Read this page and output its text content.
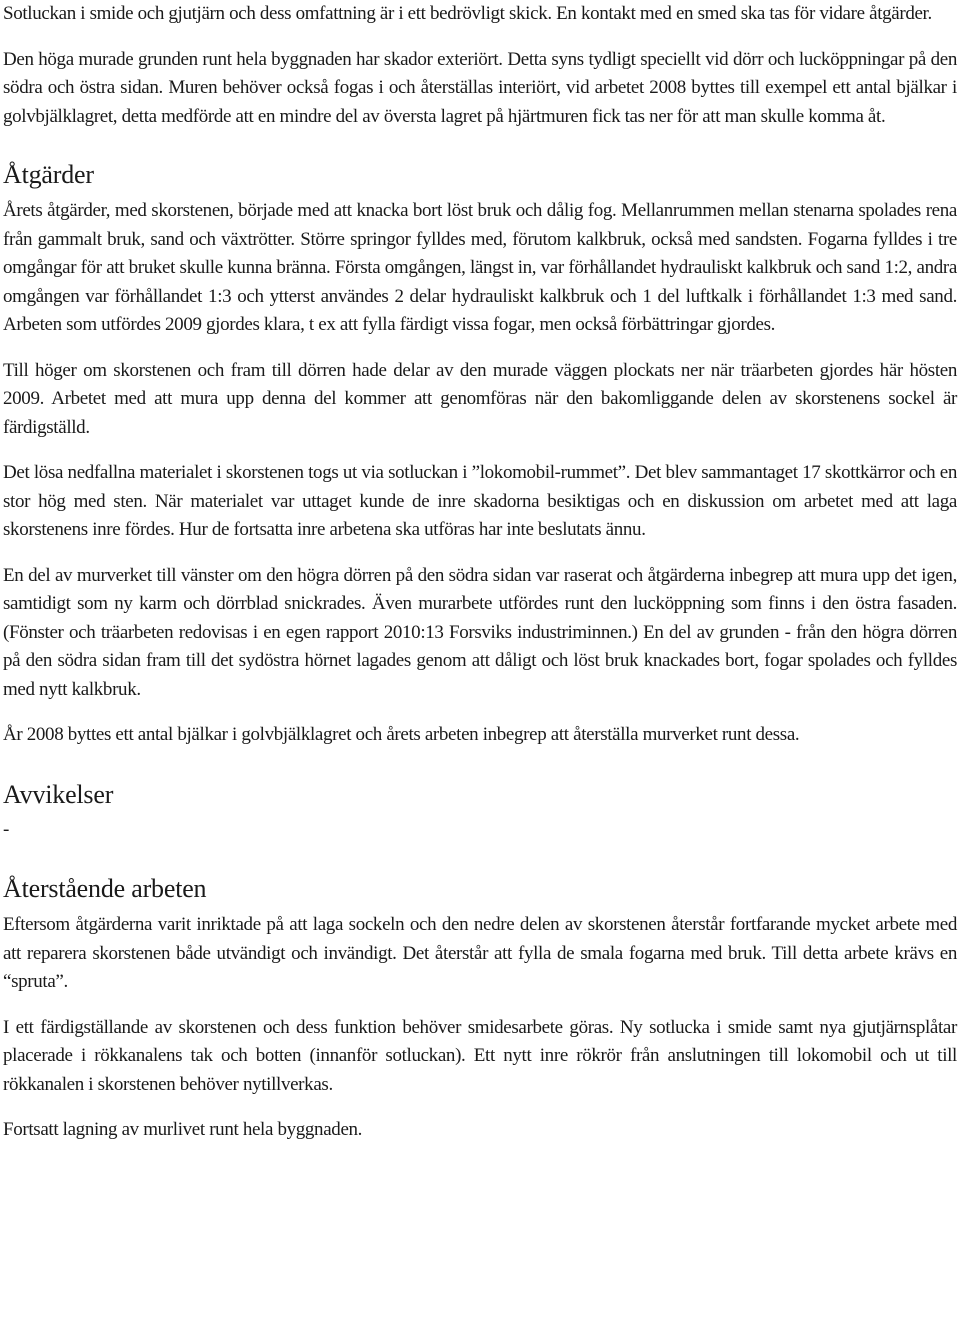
Sotluckan i smide och gjutjärn och dess omfattning är i ett bedrövligt skick. En kontakt med en smed ska tas för vidare åtgärder.

Den höga murade grunden runt hela byggnaden har skador exteriört. Detta syns tydligt speciellt vid dörr och lucköppningar på den södra och östra sidan. Muren behöver också fogas i och återställas interiört, vid arbetet 2008 byttes till exempel ett antal bjälkar i golvbjälklagret, detta medförde att en mindre del av översta lagret på hjärtmuren fick tas ner för att man skulle komma åt.

Åtgärder

Årets åtgärder, med skorstenen, började med att knacka bort löst bruk och dålig fog. Mellanrummen mellan stenarna spolades rena från gammalt bruk, sand och växtrötter. Större springor fylldes med, förutom kalkbruk, också med sandsten. Fogarna fylldes i tre omgångar för att bruket skulle kunna bränna. Första omgången, längst in, var förhållandet hydrauliskt kalkbruk och sand 1:2, andra omgången var förhållandet 1:3 och ytterst användes 2 delar hydrauliskt kalkbruk och 1 del luftkalk i förhållandet 1:3 med sand. Arbeten som utfördes 2009 gjordes klara, t ex att fylla färdigt vissa fogar, men också förbättringar gjordes.

Till höger om skorstenen och fram till dörren hade delar av den murade väggen plockats ner när träarbeten gjordes här hösten 2009. Arbetet med att mura upp denna del kommer att genomföras när den bakomliggande delen av skorstenens sockel är färdigställd.

Det lösa nedfallna materialet i skorstenen togs ut via sotluckan i ”lokomobil-rummet”. Det blev sammantaget 17 skottkärror och en stor hög med sten. När materialet var uttaget kunde de inre skadorna besiktigas och en diskussion om arbetet med att laga skorstenens inre fördes. Hur de fortsatta inre arbetena ska utföras har inte beslutats ännu.

En del av murverket till vänster om den högra dörren på den södra sidan var raserat och åtgärderna inbegrep att mura upp det igen, samtidigt som ny karm och dörrblad snickrades. Även murarbete utfördes runt den lucköppning som finns i den östra fasaden. (Fönster och träarbeten redovisas i en egen rapport 2010:13 Forsviks industriminnen.) En del av grunden - från den högra dörren på den södra sidan fram till det sydöstra hörnet lagades genom att dåligt och löst bruk knackades bort, fogar spolades och fylldes med nytt kalkbruk.

År 2008 byttes ett antal bjälkar i golvbjälklagret och årets arbeten inbegrep att återställa murverket runt dessa.

Avvikelser

-

Återstående arbeten

Eftersom åtgärderna varit inriktade på att laga sockeln och den nedre delen av skorstenen återstår fortfarande mycket arbete med att reparera skorstenen både utvändigt och invändigt. Det återstår att fylla de smala fogarna med bruk. Till detta arbete krävs en “spruta”.

I ett färdigställande av skorstenen och dess funktion behöver smidesarbete göras. Ny sotlucka i smide samt nya gjutjärnsplåtar placerade i rökkanalens tak och botten (innanför sotluckan). Ett nytt inre rökrör från anslutningen till lokomobil och ut till rökkanalen i skorstenen behöver nytillverkas.

Fortsatt lagning av murlivet runt hela byggnaden.
